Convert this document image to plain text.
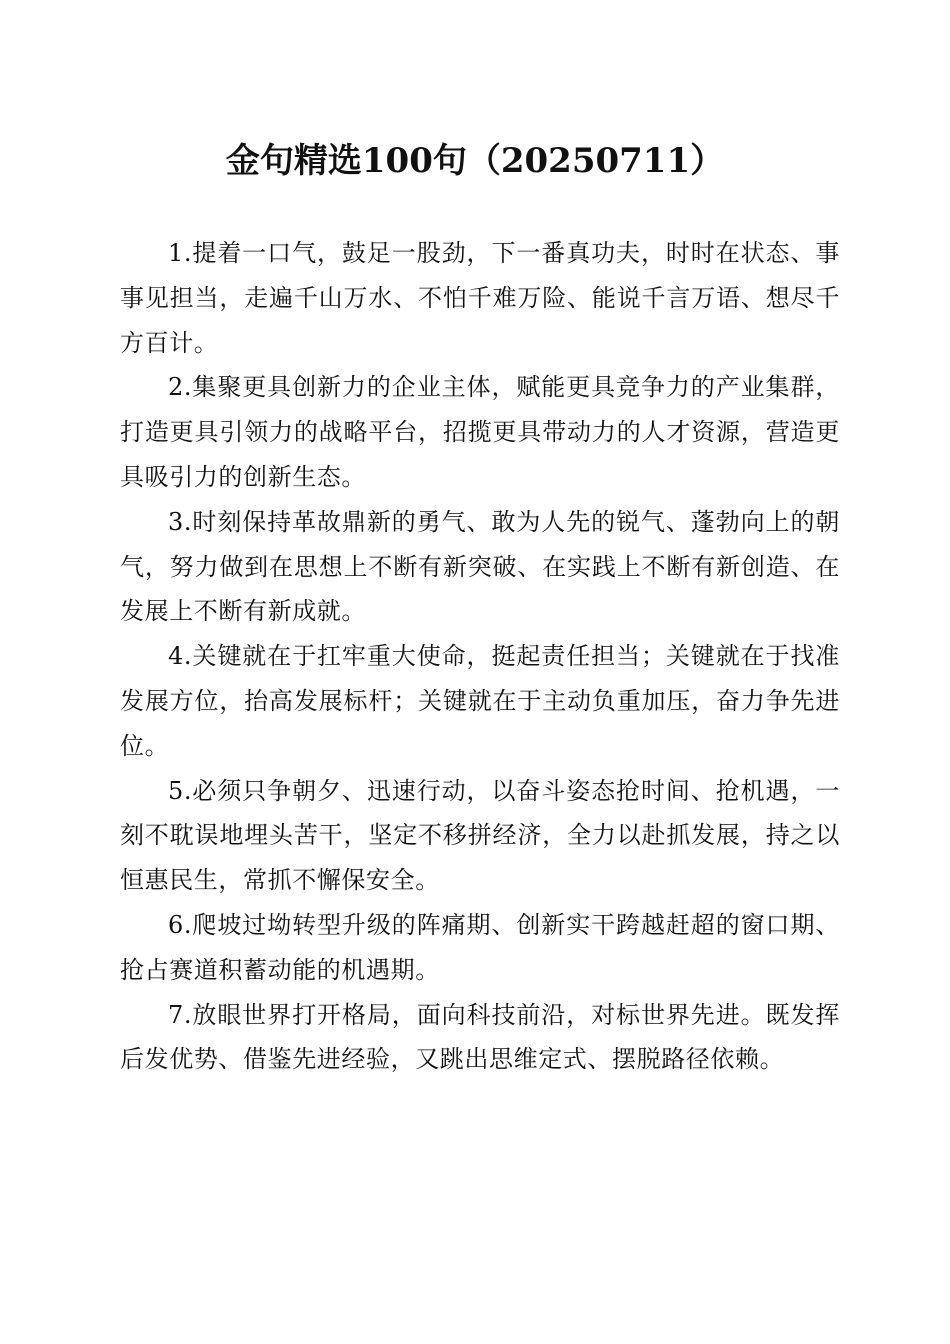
金句精选100句（20250711）

1.提着一口气，鼓足一股劲，下一番真功夫，时时在状态、事事见担当，走遍千山万水、不怕千难万险、能说千言万语、想尽千方百计。

2.集聚更具创新力的企业主体，赋能更具竞争力的产业集群，打造更具引领力的战略平台，招揽更具带动力的人才资源，营造更具吸引力的创新生态。

3.时刻保持革故鼎新的勇气、敢为人先的锐气、蓬勃向上的朝气，努力做到在思想上不断有新突破、在实践上不断有新创造、在发展上不断有新成就。

4.关键就在于扛牢重大使命，挺起责任担当；关键就在于找准发展方位，抬高发展标杆；关键就在于主动负重加压，奋力争先进位。

5.必须只争朝夕、迅速行动，以奋斗姿态抢时间、抢机遇，一刻不耽误地埋头苦干，坚定不移拼经济，全力以赴抓发展，持之以恒惠民生，常抓不懈保安全。

6.爬坡过坳转型升级的阵痛期、创新实干跨越赶超的窗口期、抢占赛道积蓄动能的机遇期。

7.放眼世界打开格局，面向科技前沿，对标世界先进。既发挥后发优势、借鉴先进经验，又跳出思维定式、摆脱路径依赖。
